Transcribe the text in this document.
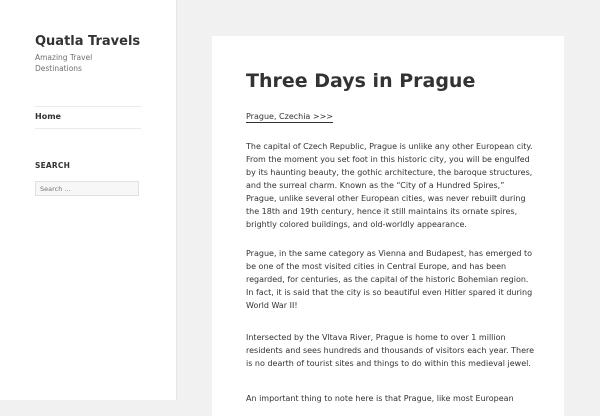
Quatla Travels
Amazing Travel Destinations
Home
SEARCH
Search …
Three Days in Prague
Prague, Czechia >>>

The capital of Czech Republic, Prague is unlike any other European city. From the moment you set foot in this historic city, you will be engulfed by its haunting beauty, the gothic architecture, the baroque structures, and the surreal charm. Known as the “City of a Hundred Spires,” Prague, unlike several other European cities, was never rebuilt during the 18th and 19th century, hence it still maintains its ornate spires, brightly colored buildings, and old-worldly appearance.

Prague, in the same category as Vienna and Budapest, has emerged to be one of the most visited cities in Central Europe, and has been regarded, for centuries, as the capital of the historic Bohemian region. In fact, it is said that the city is so beautiful even Hitler spared it during World War II!

Intersected by the Vltava River, Prague is home to over 1 million residents and sees hundreds and thousands of visitors each year. There is no dearth of tourist sites and things to do within this medieval jewel.

An important thing to note here is that Prague, like most European
